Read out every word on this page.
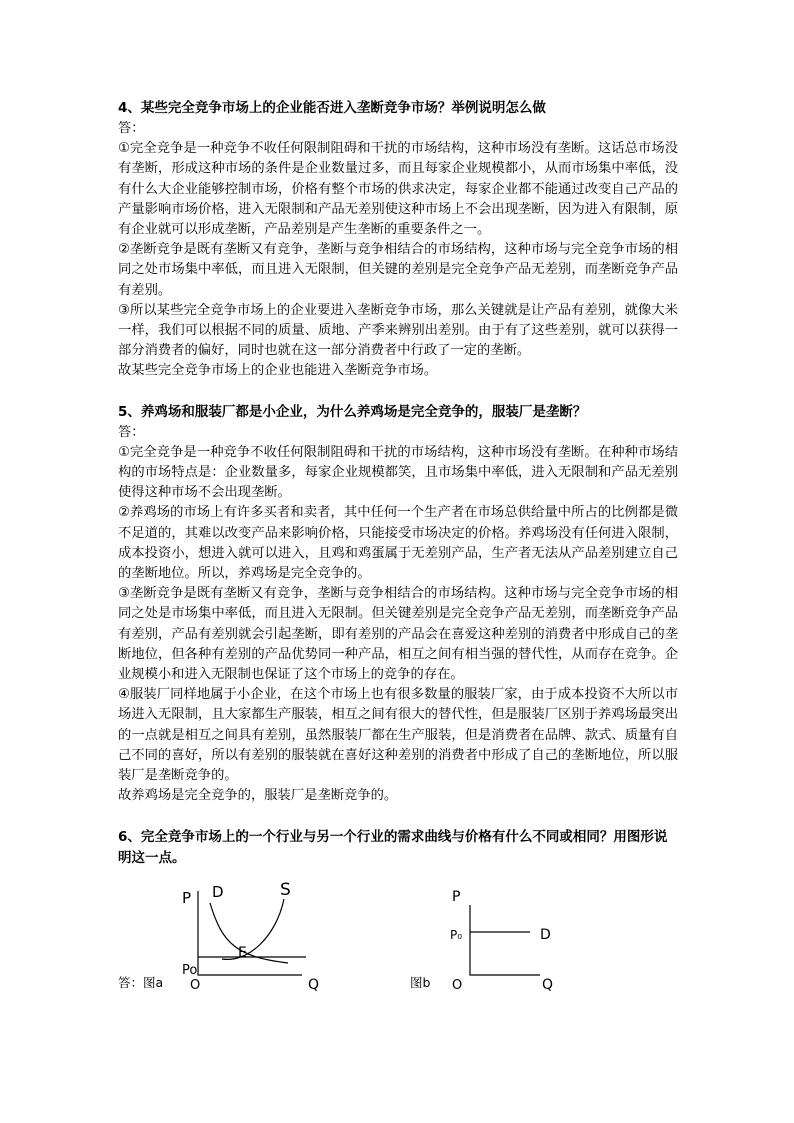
4、某些完全竞争市场上的企业能否进入垄断竞争市场？举例说明怎么做

答：

①完全竞争是一种竞争不收任何限制阻碍和干扰的市场结构，这种市场没有垄断。这话总市场没有垄断，形成这种市场的条件是企业数量过多，而且每家企业规模都小，从而市场集中率低，没有什么大企业能够控制市场，价格有整个市场的供求决定，每家企业都不能通过改变自己产品的产量影响市场价格，进入无限制和产品无差别使这种市场上不会出现垄断，因为进入有限制，原有企业就可以形成垄断，产品差别是产生垄断的重要条件之一。

②垄断竞争是既有垄断又有竞争，垄断与竞争相结合的市场结构，这种市场与完全竞争市场的相同之处市场集中率低，而且进入无限制，但关键的差别是完全竞争产品无差别，而垄断竞争产品有差别。

③所以某些完全竞争市场上的企业要进入垄断竞争市场，那么关键就是让产品有差别，就像大米一样，我们可以根据不同的质量、质地、产季来辨别出差别。由于有了这些差别，就可以获得一部分消费者的偏好，同时也就在这一部分消费者中行政了一定的垄断。

故某些完全竞争市场上的企业也能进入垄断竞争市场。

5、养鸡场和服装厂都是小企业，为什么养鸡场是完全竞争的，服装厂是垄断？

答：

①完全竞争是一种竞争不收任何限制阻碍和干扰的市场结构，这种市场没有垄断。在种种市场结构的市场特点是：企业数量多，每家企业规模都笑，且市场集中率低，进入无限制和产品无差别使得这种市场不会出现垄断。

②养鸡场的市场上有许多买者和卖者，其中任何一个生产者在市场总供给量中所占的比例都是微不足道的，其难以改变产品来影响价格，只能接受市场决定的价格。养鸡场没有任何进入限制，成本投资小，想进入就可以进入，且鸡和鸡蛋属于无差别产品，生产者无法从产品差别建立自己的垄断地位。所以，养鸡场是完全竞争的。

③垄断竞争是既有垄断又有竞争，垄断与竞争相结合的市场结构。这种市场与完全竞争市场的相同之处是市场集中率低，而且进入无限制。但关键差别是完全竞争产品无差别，而垄断竞争产品有差别，产品有差别就会引起垄断，即有差别的产品会在喜爱这种差别的消费者中形成自己的垄断地位，但各种有差别的产品优势同一种产品，相互之间有相当强的替代性，从而存在竞争。企业规模小和进入无限制也保证了这个市场上的竞争的存在。

④服装厂同样地属于小企业，在这个市场上也有很多数量的服装厂家，由于成本投资不大所以市场进入无限制，且大家都生产服装，相互之间有很大的替代性，但是服装厂区别于养鸡场最突出的一点就是相互之间具有差别，虽然服装厂都在生产服装，但是消费者在品牌、款式、质量有自己不同的喜好，所以有差别的服装就在喜好这种差别的消费者中形成了自己的垄断地位，所以服装厂是垄断竞争的。

故养鸡场是完全竞争的，服装厂是垄断竞争的。

6、完全竞争市场上的一个行业与另一个行业的需求曲线与价格有什么不同或相同？用图形说明这一点。

P D	S
E
Po
O	Q
P
P₀	D
O	Q
答：图a	图b
